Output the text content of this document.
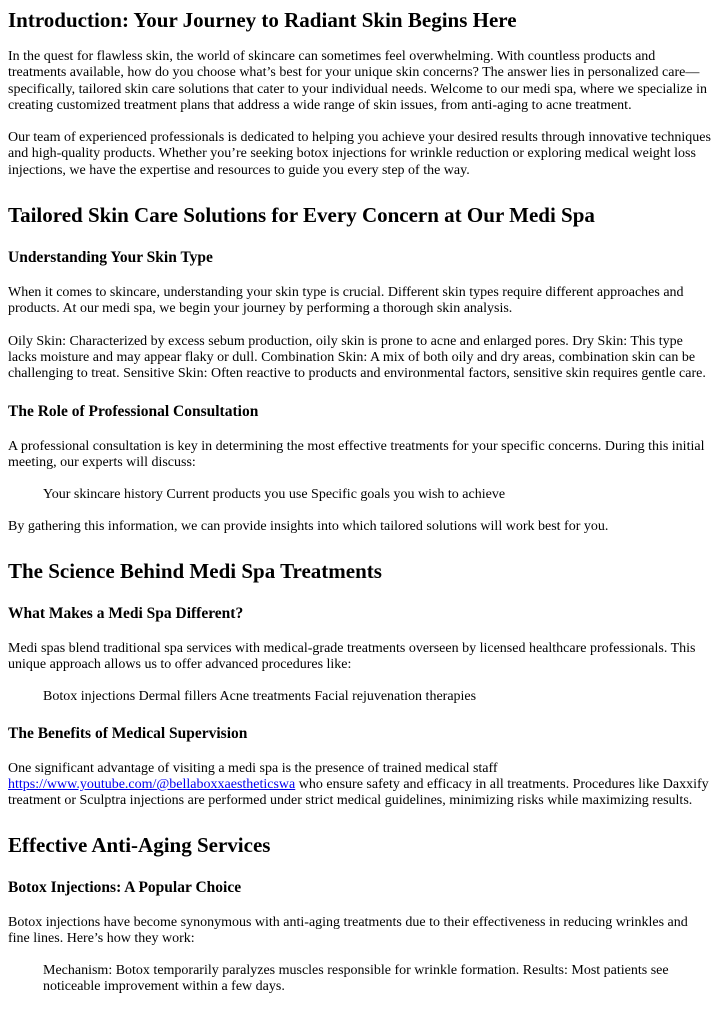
Introduction: Your Journey to Radiant Skin Begins Here

In the quest for flawless skin, the world of skincare can sometimes feel overwhelming. With countless products and treatments available, how do you choose what’s best for your unique skin concerns? The answer lies in personalized care—specifically, tailored skin care solutions that cater to your individual needs. Welcome to our medi spa, where we specialize in creating customized treatment plans that address a wide range of skin issues, from anti-aging to acne treatment.

Our team of experienced professionals is dedicated to helping you achieve your desired results through innovative techniques and high-quality products. Whether you’re seeking botox injections for wrinkle reduction or exploring medical weight loss injections, we have the expertise and resources to guide you every step of the way.

Tailored Skin Care Solutions for Every Concern at Our Medi Spa
Understanding Your Skin Type

When it comes to skincare, understanding your skin type is crucial. Different skin types require different approaches and products. At our medi spa, we begin your journey by performing a thorough skin analysis.

Oily Skin: Characterized by excess sebum production, oily skin is prone to acne and enlarged pores. Dry Skin: This type lacks moisture and may appear flaky or dull. Combination Skin: A mix of both oily and dry areas, combination skin can be challenging to treat. Sensitive Skin: Often reactive to products and environmental factors, sensitive skin requires gentle care.

The Role of Professional Consultation

A professional consultation is key in determining the most effective treatments for your specific concerns. During this initial meeting, our experts will discuss:

Your skincare history Current products you use Specific goals you wish to achieve

By gathering this information, we can provide insights into which tailored solutions will work best for you.

The Science Behind Medi Spa Treatments
What Makes a Medi Spa Different?

Medi spas blend traditional spa services with medical-grade treatments overseen by licensed healthcare professionals. This unique approach allows us to offer advanced procedures like:

Botox injections Dermal fillers Acne treatments Facial rejuvenation therapies

The Benefits of Medical Supervision

One significant advantage of visiting a medi spa is the presence of trained medical staff https://www.youtube.com/@bellaboxxaestheticswa who ensure safety and efficacy in all treatments. Procedures like Daxxify treatment or Sculptra injections are performed under strict medical guidelines, minimizing risks while maximizing results.

Effective Anti-Aging Services
Botox Injections: A Popular Choice

Botox injections have become synonymous with anti-aging treatments due to their effectiveness in reducing wrinkles and fine lines. Here’s how they work:

Mechanism: Botox temporarily paralyzes muscles responsible for wrinkle formation. Results: Most patients see noticeable improvement within a few days.
